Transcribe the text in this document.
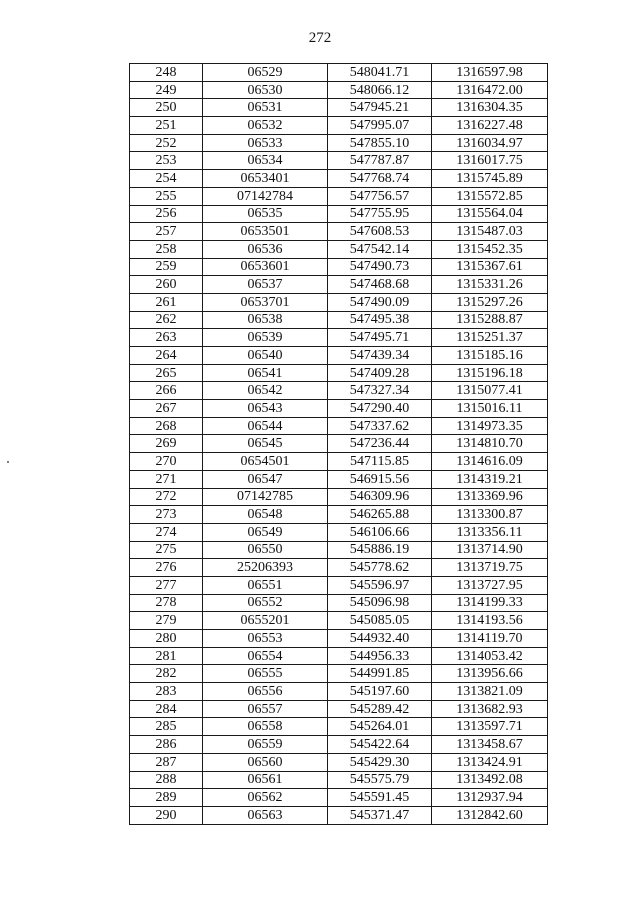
272
248	06529	548041.71	1316597.98
249	06530	548066.12	1316472.00
250	06531	547945.21	1316304.35
251	06532	547995.07	1316227.48
252	06533	547855.10	1316034.97
253	06534	547787.87	1316017.75
254	0653401	547768.74	1315745.89
255	07142784	547756.57	1315572.85
256	06535	547755.95	1315564.04
257	0653501	547608.53	1315487.03
258	06536	547542.14	1315452.35
259	0653601	547490.73	1315367.61
260	06537	547468.68	1315331.26
261	0653701	547490.09	1315297.26
262	06538	547495.38	1315288.87
263	06539	547495.71	1315251.37
264	06540	547439.34	1315185.16
265	06541	547409.28	1315196.18
266	06542	547327.34	1315077.41
267	06543	547290.40	1315016.11
268	06544	547337.62	1314973.35
269	06545	547236.44	1314810.70
270	0654501	547115.85	1314616.09
271	06547	546915.56	1314319.21
272	07142785	546309.96	1313369.96
273	06548	546265.88	1313300.87
274	06549	546106.66	1313356.11
275	06550	545886.19	1313714.90
276	25206393	545778.62	1313719.75
277	06551	545596.97	1313727.95
278	06552	545096.98	1314199.33
279	0655201	545085.05	1314193.56
280	06553	544932.40	1314119.70
281	06554	544956.33	1314053.42
282	06555	544991.85	1313956.66
283	06556	545197.60	1313821.09
284	06557	545289.42	1313682.93
285	06558	545264.01	1313597.71
286	06559	545422.64	1313458.67
287	06560	545429.30	1313424.91
288	06561	545575.79	1313492.08
289	06562	545591.45	1312937.94
290	06563	545371.47	1312842.60
